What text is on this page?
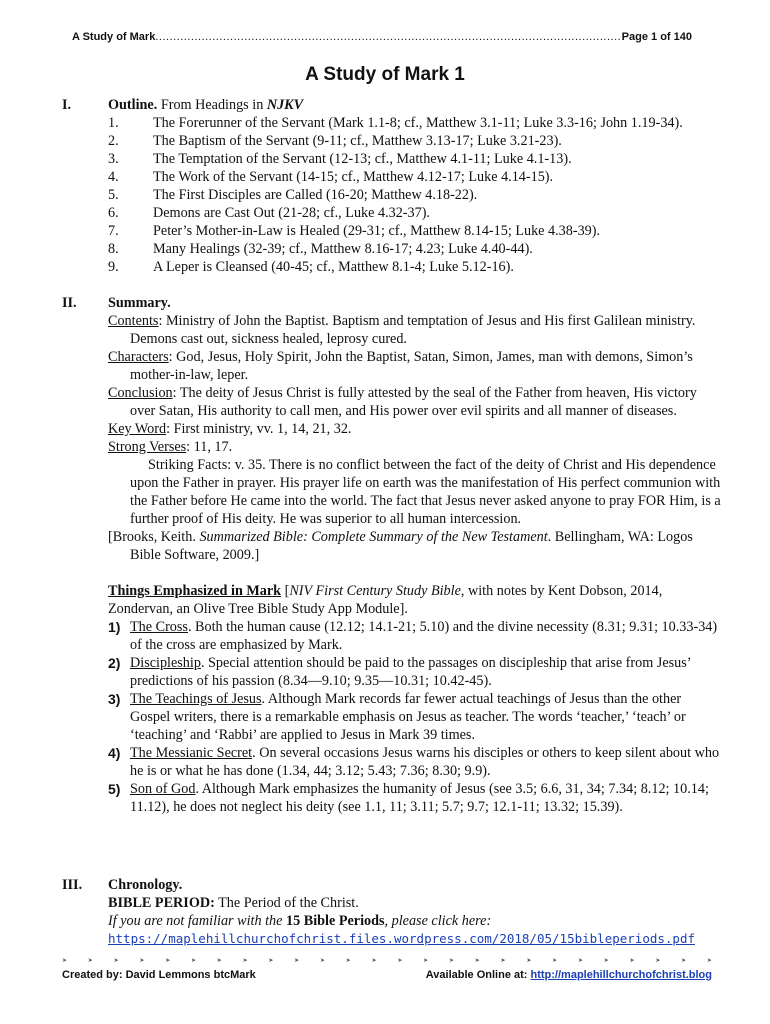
A Study of Mark
.....	Page 1 of 140
A Study of Mark 1
I.	Outline. From Headings in NJKV
1.	The Forerunner of the Servant (Mark 1.1-8; cf., Matthew 3.1-11; Luke 3.3-16; John 1.19-34).
2.	The Baptism of the Servant (9-11; cf., Matthew 3.13-17; Luke 3.21-23).
3.	The Temptation of the Servant (12-13; cf., Matthew 4.1-11; Luke 4.1-13).
4.	The Work of the Servant (14-15; cf., Matthew 4.12-17; Luke 4.14-15).
5.	The First Disciples are Called (16-20; Matthew 4.18-22).
6.	Demons are Cast Out (21-28; cf., Luke 4.32-37).
7.	Peter’s Mother-in-Law is Healed (29-31; cf., Matthew 8.14-15; Luke 4.38-39).
8.	Many Healings (32-39; cf., Matthew 8.16-17; 4.23; Luke 4.40-44).
9.	A Leper is Cleansed (40-45; cf., Matthew 8.1-4; Luke 5.12-16).
II. Summary.
Contents: Ministry of John the Baptist. Baptism and temptation of Jesus and His first Galilean ministry. Demons cast out, sickness healed, leprosy cured.
Characters: God, Jesus, Holy Spirit, John the Baptist, Satan, Simon, James, man with demons, Simon’s mother-in-law, leper.
Conclusion: The deity of Jesus Christ is fully attested by the seal of the Father from heaven, His victory over Satan, His authority to call men, and His power over evil spirits and all manner of diseases.
Key Word: First ministry, vv. 1, 14, 21, 32.
Strong Verses: 11, 17.
Striking Facts: v. 35. There is no conflict between the fact of the deity of Christ and His dependence upon the Father in prayer. His prayer life on earth was the manifestation of His perfect communion with the Father before He came into the world. The fact that Jesus never asked anyone to pray FOR Him, is a further proof of His deity. He was superior to all human intercession.
[Brooks, Keith. Summarized Bible: Complete Summary of the New Testament. Bellingham, WA: Logos Bible Software, 2009.]
Things Emphasized in Mark [NIV First Century Study Bible, with notes by Kent Dobson, 2014, Zondervan, an Olive Tree Bible Study App Module].
1) The Cross. Both the human cause (12.12; 14.1-21; 5.10) and the divine necessity (8.31; 9.31; 10.33-34) of the cross are emphasized by Mark.
2) Discipleship. Special attention should be paid to the passages on discipleship that arise from Jesus’ predictions of his passion (8.34—9.10; 9.35—10.31; 10.42-45).
3) The Teachings of Jesus. Although Mark records far fewer actual teachings of Jesus than the other Gospel writers, there is a remarkable emphasis on Jesus as teacher. The words ‘teacher,’ ‘teach’ or ‘teaching’ and ‘Rabbi’ are applied to Jesus in Mark 39 times.
4) The Messianic Secret. On several occasions Jesus warns his disciples or others to keep silent about who he is or what he has done (1.34, 44; 3.12; 5.43; 7.36; 8.30; 9.9).
5) Son of God. Although Mark emphasizes the humanity of Jesus (see 3.5; 6.6, 31, 34; 7.34; 8.12; 10.14; 11.12), he does not neglect his deity (see 1.1, 11; 3.11; 5.7; 9.7; 12.1-11; 13.32; 15.39).
III. Chronology.
BIBLE PERIOD: The Period of the Christ.
If you are not familiar with the 15 Bible Periods, please click here:
https://maplehillchurchofchrist.files.wordpress.com/2018/05/15bibleperiods.pdf
➤	➤	➤	➤	➤	➤	➤	➤	➤	➤	➤	➤	➤	➤	➤	➤	➤	➤	➤	➤	➤	➤	➤	➤	➤	➤
Created by: David Lemmons btcMark	Available Online at: http://maplehillchurchofchrist.blog
